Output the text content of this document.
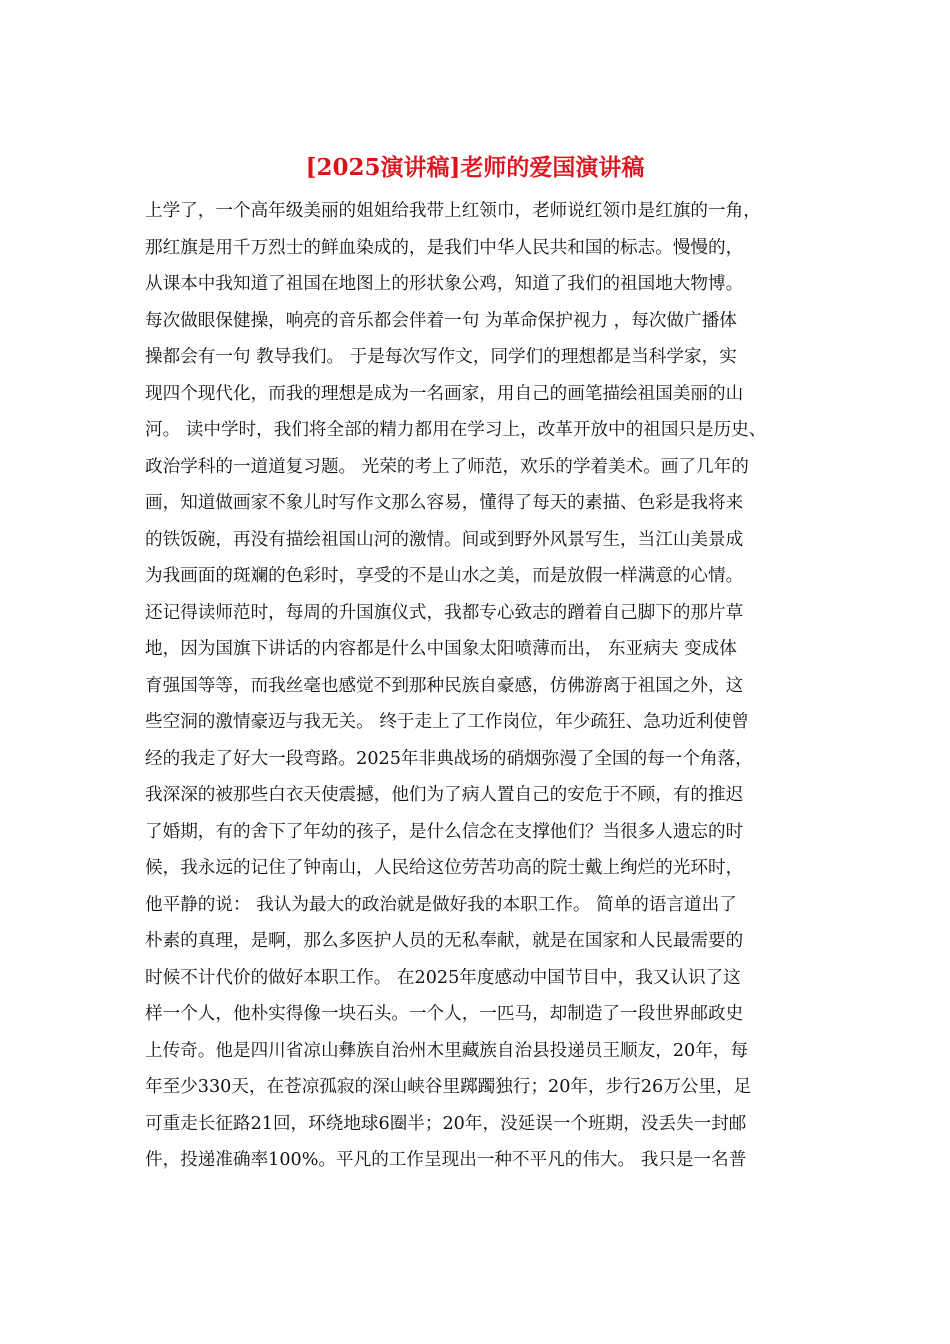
[2025演讲稿]老师的爱国演讲稿
上学了，一个高年级美丽的姐姐给我带上红领巾，老师说红领巾是红旗的一角，
那红旗是用千万烈士的鲜血染成的，是我们中华人民共和国的标志。慢慢的，
从课本中我知道了祖国在地图上的形状象公鸡，知道了我们的祖国地大物博。
每次做眼保健操，响亮的音乐都会伴着一句 为革命保护视力 ，每次做广播体
操都会有一句 教导我们。 于是每次写作文，同学们的理想都是当科学家，实
现四个现代化，而我的理想是成为一名画家，用自己的画笔描绘祖国美丽的山
河。 读中学时，我们将全部的精力都用在学习上，改革开放中的祖国只是历史、
政治学科的一道道复习题。 光荣的考上了师范，欢乐的学着美术。画了几年的
画，知道做画家不象儿时写作文那么容易，懂得了每天的素描、色彩是我将来
的铁饭碗，再没有描绘祖国山河的激情。间或到野外风景写生，当江山美景成
为我画面的斑斓的色彩时，享受的不是山水之美，而是放假一样满意的心情。
还记得读师范时，每周的升国旗仪式，我都专心致志的蹭着自己脚下的那片草
地，因为国旗下讲话的内容都是什么中国象太阳喷薄而出， 东亚病夫 变成体
育强国等等，而我丝毫也感觉不到那种民族自豪感，仿佛游离于祖国之外，这
些空洞的激情豪迈与我无关。 终于走上了工作岗位，年少疏狂、急功近利使曾
经的我走了好大一段弯路。2025年非典战场的硝烟弥漫了全国的每一个角落，
我深深的被那些白衣天使震撼，他们为了病人置自己的安危于不顾，有的推迟
了婚期，有的舍下了年幼的孩子，是什么信念在支撑他们？当很多人遗忘的时
候，我永远的记住了钟南山，人民给这位劳苦功高的院士戴上绚烂的光环时，
他平静的说： 我认为最大的政治就是做好我的本职工作。 简单的语言道出了
朴素的真理，是啊，那么多医护人员的无私奉献，就是在国家和人民最需要的
时候不计代价的做好本职工作。 在2025年度感动中国节目中，我又认识了这
样一个人，他朴实得像一块石头。一个人，一匹马，却制造了一段世界邮政史
上传奇。他是四川省凉山彝族自治州木里藏族自治县投递员王顺友，20年，每
年至少330天，在苍凉孤寂的深山峡谷里踯躅独行；20年，步行26万公里，足
可重走长征路21回，环绕地球6圈半；20年，没延误一个班期，没丢失一封邮
件，投递准确率100%。平凡的工作呈现出一种不平凡的伟大。 我只是一名普
